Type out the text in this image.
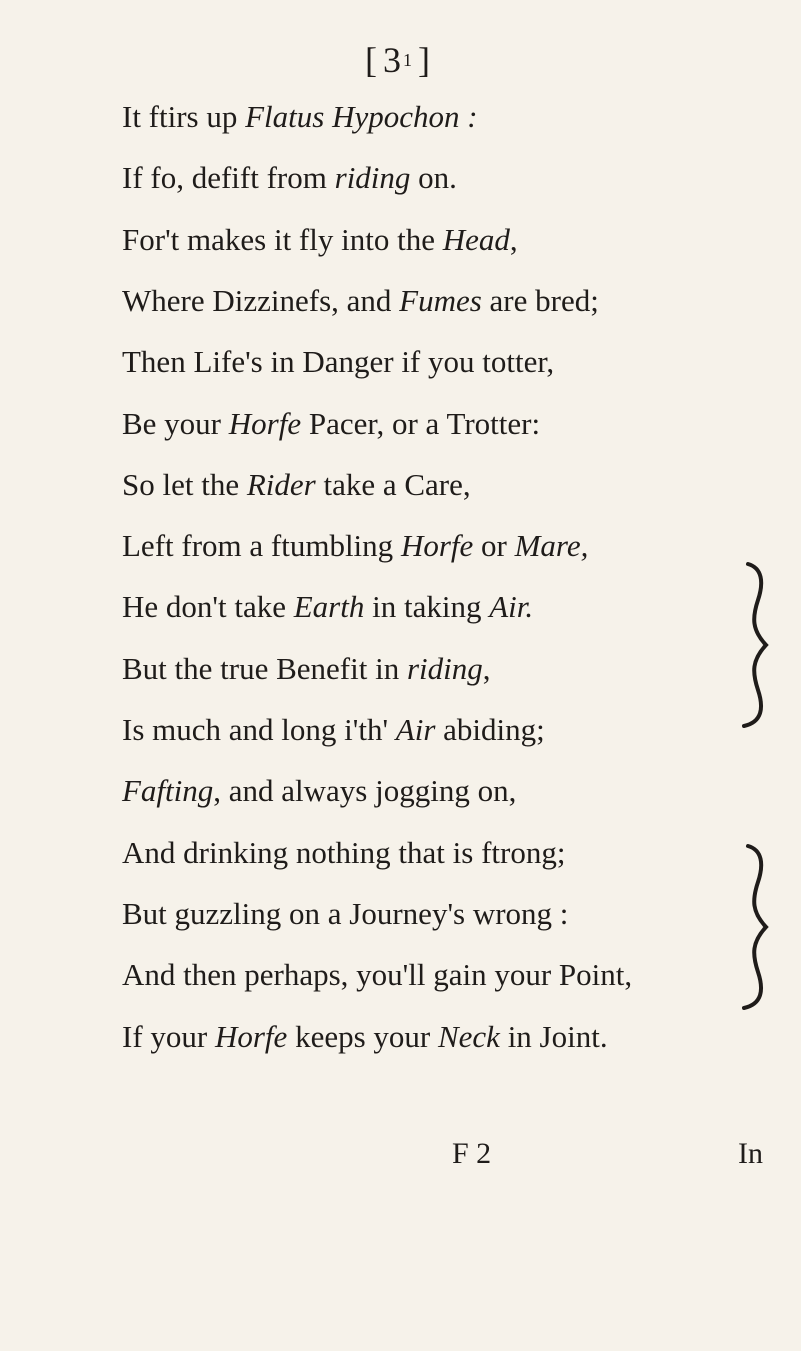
$[3^1]$
It ftirs up Flatus Hypochon :
If fo, defift from riding on.
For't makes it fly into the Head,
Where Dizzinefs, and Fumes are bred;
Then Life's in Danger if you totter,
Be your Horfe Pacer, or a Trotter:
So let the Rider take a Care,
Left from a ftumbling Horfe or Mare,
He don't take Earth in taking Air.
But the true Benefit in riding,
Is much and long i'th' Air abiding;
Fafting, and always jogging on,
And drinking nothing that is ftrong;
But guzzling on a Journey's wrong :
And then perhaps, you'll gain your Point,
If your Horfe keeps your Neck in Joint.
F 2	In
